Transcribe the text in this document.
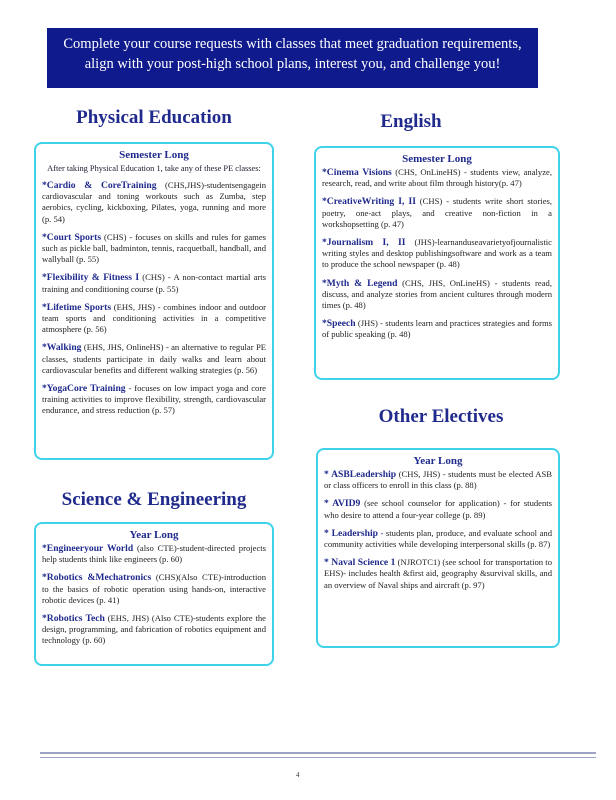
Complete your course requests with classes that meet graduation requirements,
align with your post-high school plans, interest you, and challenge you!
Physical Education
Semester Long
After taking Physical Education 1, take any of these PE classes:
*Cardio & CoreTraining (CHS,JHS)-studentsengagein cardiovascular and toning workouts such as Zumba, step aerobics, cycling, kickboxing, Pilates, yoga, running and more (p. 54)
*Court Sports (CHS) - focuses on skills and rules for games such as pickle ball, badminton, tennis, racquetball, handball, and wallyball (p. 55)
*Flexibility & Fitness I (CHS) - A non-contact martial arts training and conditioning course (p. 55)
*Lifetime Sports (EHS, JHS) - combines indoor and outdoor team sports and conditioning activities in a competitive atmosphere (p. 56)
*Walking (EHS, JHS, OnlineHS) - an alternative to regular PE classes, students participate in daily walks and learn about cardiovascular benefits and different walking strategies (p. 56)
*YogaCore Training - focuses on low impact yoga and core training activities to improve flexibility, strength, cardiovascular endurance, and stress reduction (p. 57)
Science & Engineering
Year Long
*Engineeryour World (also CTE)-student-directed projects help students think like engineers (p. 60)
*Robotics &Mechatronics (CHS)(Also CTE)-introduction to the basics of robotic operation using hands-on, interactive robotic devices (p. 41)
*Robotics Tech (EHS, JHS) (Also CTE)-students explore the design, programming, and fabrication of robotics equipment and technology (p. 60)
English
Semester Long
*Cinema Visions (CHS, OnLineHS) - students view, analyze, research, read, and write about film through history(p. 47)
*CreativeWriting I, II (CHS) - students write short stories, poetry, one-act plays, and creative non-fiction in a workshopsetting (p. 47)
*Journalism I, II (JHS)-learnanduseavarietyofjournalistic writing styles and desktop publishingsoftware and work as a team to produce the school newspaper (p. 48)
*Myth & Legend (CHS, JHS, OnLineHS) - students read, discuss, and analyze stories from ancient cultures through modern times (p. 48)
*Speech (JHS) - students learn and practices strategies and forms of public speaking (p. 48)
Other Electives
Year Long
* ASBLeadership (CHS, JHS) - students must be elected ASB or class officers to enroll in this class (p. 88)
* AVID9 (see school counselor for application) - for students who desire to attend a four-year college (p. 89)
* Leadership - students plan, produce, and evaluate school and community activities while developing interpersonal skills (p. 87)
* Naval Science 1 (NJROTC1) (see school for transportation to EHS)- includes health &first aid, geography &survival skills, and an overview of Naval ships and aircraft (p. 97)
4
